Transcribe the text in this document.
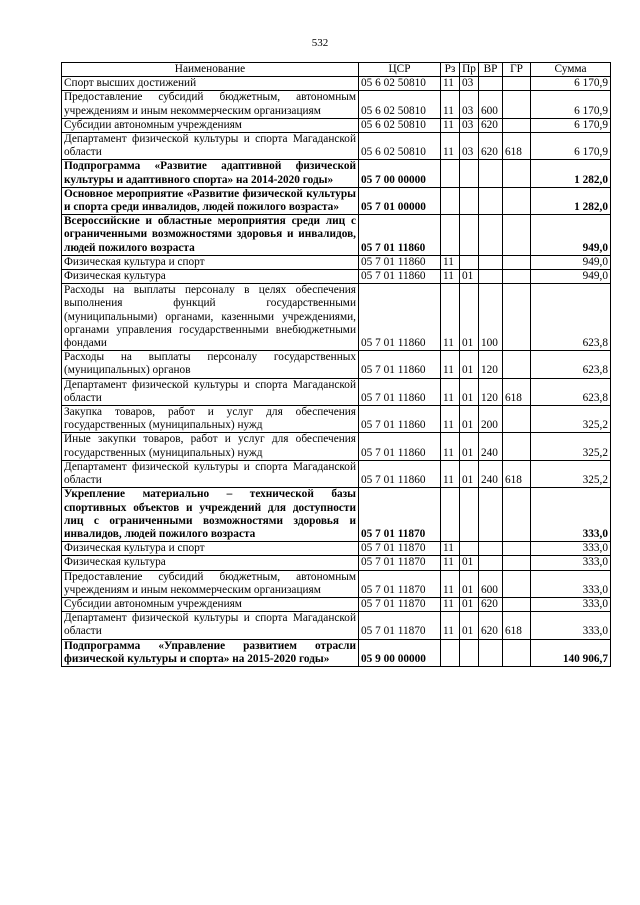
532
Наименование	ЦСР	Рз	Пр	ВР	ГР	Сумма
Спорт высших достижений	05 6 02 50810	11	03			6 170,9
Предоставление субсидий бюджетным, автономным учреждениям и иным некоммерческим организациям	05 6 02 50810	11	03	600		6 170,9
Субсидии автономным учреждениям	05 6 02 50810	11	03	620		6 170,9
Департамент физической культуры и спорта Магаданской области	05 6 02 50810	11	03	620	618	6 170,9
Подпрограмма «Развитие адаптивной физической культуры и адаптивного спорта» на 2014-2020 годы»	05 7 00 00000					1 282,0
Основное мероприятие «Развитие физической культуры и спорта среди инвалидов, людей пожилого возраста»	05 7 01 00000					1 282,0
Всероссийские и областные мероприятия среди лиц с ограниченными возможностями здоровья и инвалидов, людей пожилого возраста	05 7 01 11860					949,0
Физическая культура и спорт	05 7 01 11860	11				949,0
Физическая культура	05 7 01 11860	11	01			949,0
Расходы на выплаты персоналу в целях обеспечения выполнения функций государственными (муниципальными) органами, казенными учреждениями, органами управления государственными внебюджетными фондами	05 7 01 11860	11	01	100		623,8
Расходы на выплаты персоналу государственных (муниципальных) органов	05 7 01 11860	11	01	120		623,8
Департамент физической культуры и спорта Магаданской области	05 7 01 11860	11	01	120	618	623,8
Закупка товаров, работ и услуг для обеспечения государственных (муниципальных) нужд	05 7 01 11860	11	01	200		325,2
Иные закупки товаров, работ и услуг для обеспечения государственных (муниципальных) нужд	05 7 01 11860	11	01	240		325,2
Департамент физической культуры и спорта Магаданской области	05 7 01 11860	11	01	240	618	325,2
Укрепление материально – технической базы спортивных объектов и учреждений для доступности лиц с ограниченными возможностями здоровья и инвалидов, людей пожилого возраста	05 7 01 11870					333,0
Физическая культура и спорт	05 7 01 11870	11				333,0
Физическая культура	05 7 01 11870	11	01			333,0
Предоставление субсидий бюджетным, автономным учреждениям и иным некоммерческим организациям	05 7 01 11870	11	01	600		333,0
Субсидии автономным учреждениям	05 7 01 11870	11	01	620		333,0
Департамент физической культуры и спорта Магаданской области	05 7 01 11870	11	01	620	618	333,0
Подпрограмма «Управление развитием отрасли физической культуры и спорта» на 2015-2020 годы»	05 9 00 00000					140 906,7
